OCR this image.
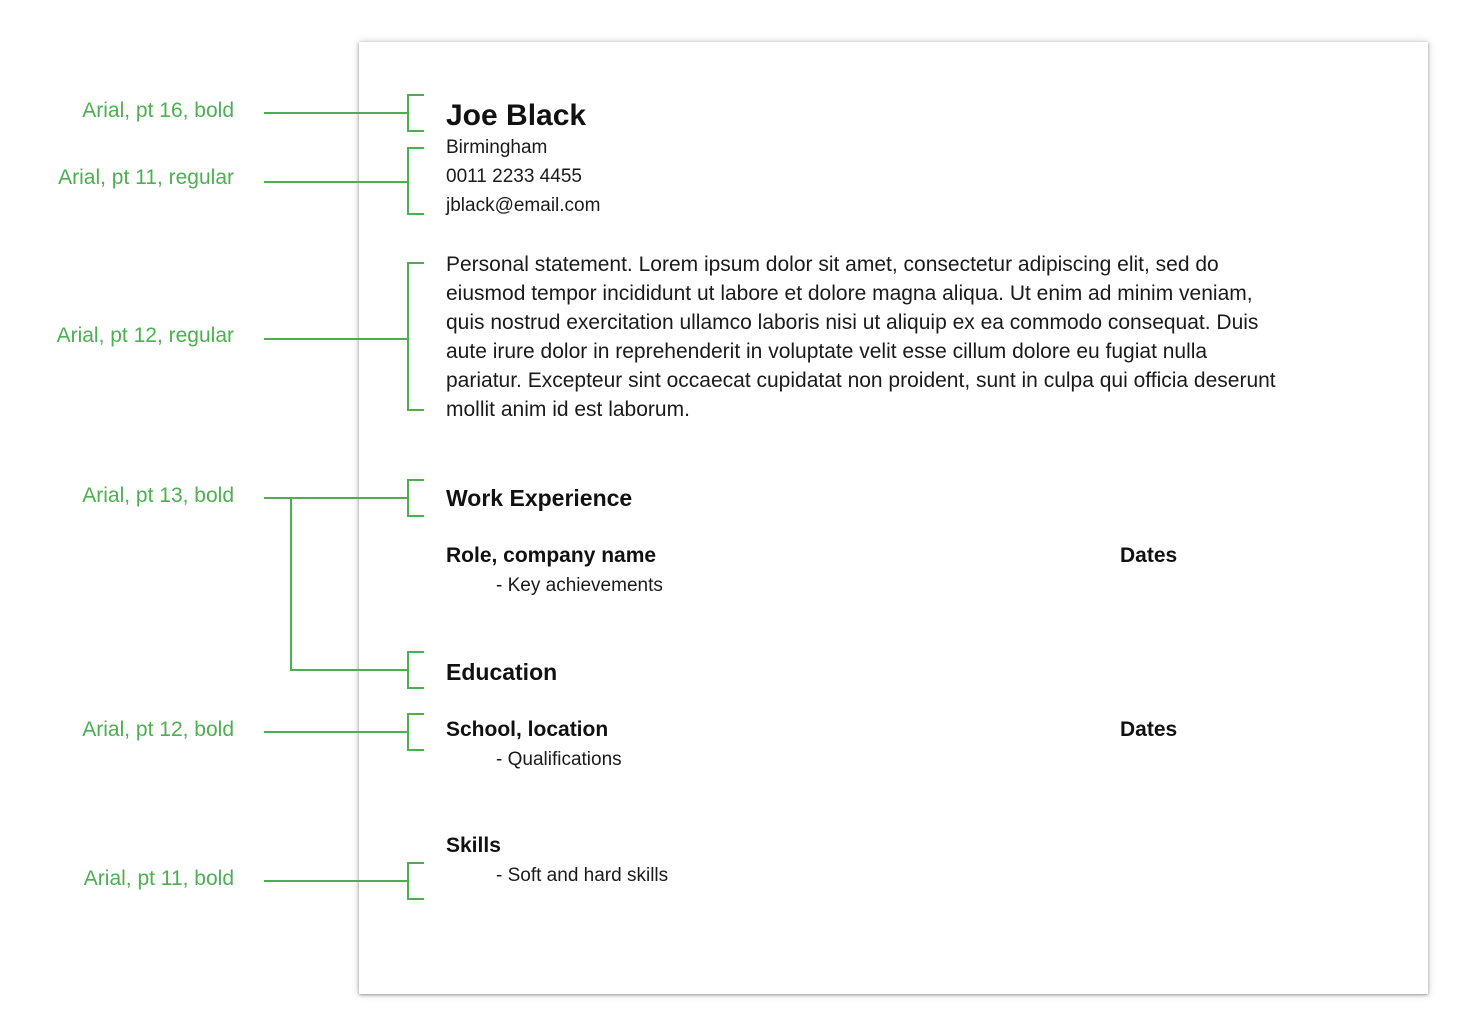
Arial, pt 16, bold
Arial, pt 11, regular
Arial, pt 12, regular
Arial, pt 13, bold
Arial, pt 12, bold
Arial, pt 11, bold
Joe Black
Birmingham
0011 2233 4455
jblack@email.com
Personal statement. Lorem ipsum dolor sit amet, consectetur adipiscing elit, sed do
eiusmod tempor incididunt ut labore et dolore magna aliqua. Ut enim ad minim veniam,
quis nostrud exercitation ullamco laboris nisi ut aliquip ex ea commodo consequat. Duis
aute irure dolor in reprehenderit in voluptate velit esse cillum dolore eu fugiat nulla
pariatur. Excepteur sint occaecat cupidatat non proident, sunt in culpa qui officia deserunt
mollit anim id est laborum.
Work Experience
Role, company name	Dates
- Key achievements
Education
School, location	Dates
- Qualifications
Skills
- Soft and hard skills
